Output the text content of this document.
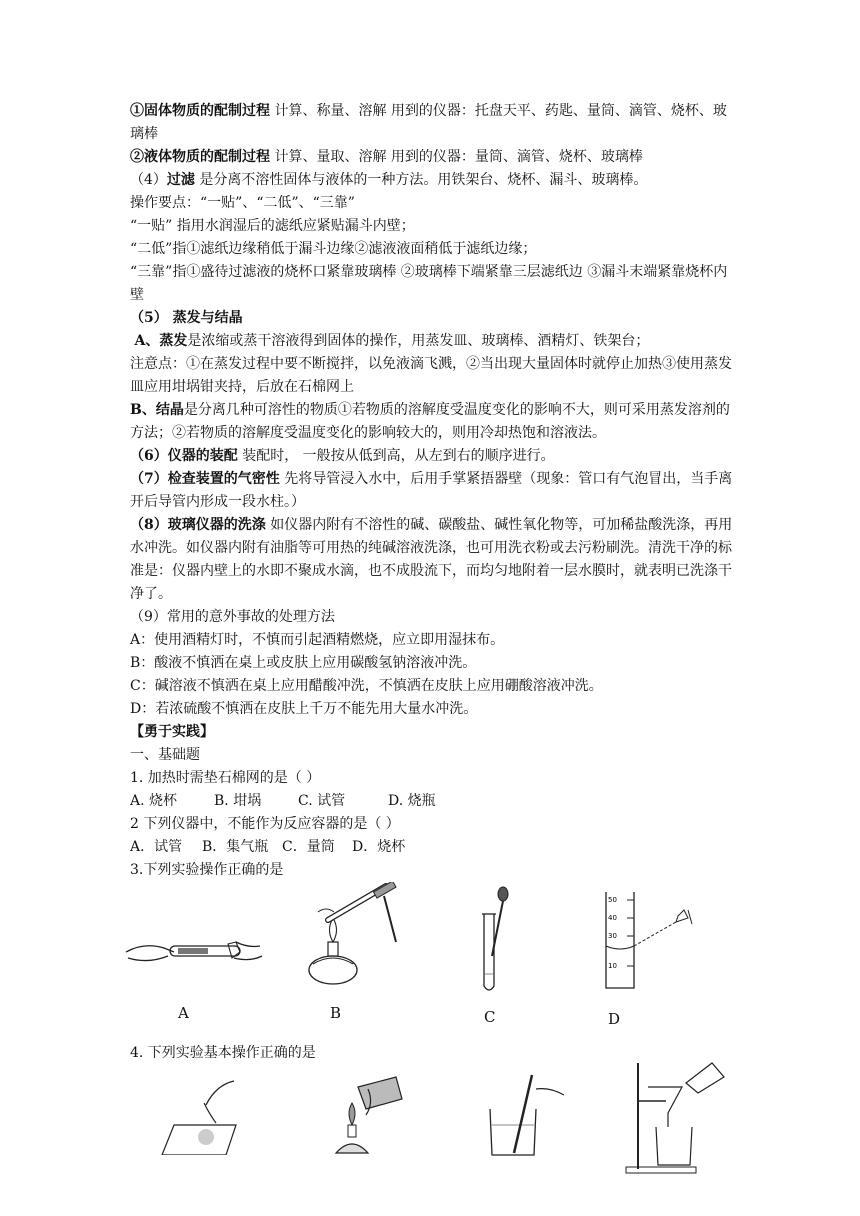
①固体物质的配制过程 计算、称量、溶解 用到的仪器：托盘天平、药匙、量筒、滴管、烧杯、玻璃棒

②液体物质的配制过程 计算、量取、溶解 用到的仪器：量筒、滴管、烧杯、玻璃棒

（4）过滤 是分离不溶性固体与液体的一种方法。用铁架台、烧杯、漏斗、玻璃棒。

操作要点：“一贴”、“二低”、“三靠”

“一贴” 指用水润湿后的滤纸应紧贴漏斗内壁；

“二低”指①滤纸边缘稍低于漏斗边缘②滤液液面稍低于滤纸边缘；

“三靠”指①盛待过滤液的烧杯口紧靠玻璃棒 ②玻璃棒下端紧靠三层滤纸边 ③漏斗末端紧靠烧杯内壁

（5） 蒸发与结晶

A、蒸发是浓缩或蒸干溶液得到固体的操作，用蒸发皿、玻璃棒、酒精灯、铁架台；

注意点：①在蒸发过程中要不断搅拌，以免液滴飞溅，②当出现大量固体时就停止加热③使用蒸发皿应用坩埚钳夹持，后放在石棉网上

B、结晶是分离几种可溶性的物质①若物质的溶解度受温度变化的影响不大，则可采用蒸发溶剂的方法；②若物质的溶解度受温度变化的影响较大的，则用冷却热饱和溶液法。

（6）仪器的装配 装配时， 一般按从低到高，从左到右的顺序进行。

（7）检查装置的气密性 先将导管浸入水中，后用手掌紧捂器壁（现象：管口有气泡冒出，当手离开后导管内形成一段水柱。）

（8）玻璃仪器的洗涤 如仪器内附有不溶性的碱、碳酸盐、碱性氧化物等，可加稀盐酸洗涤，再用水冲洗。如仪器内附有油脂等可用热的纯碱溶液洗涤，也可用洗衣粉或去污粉刷洗。清洗干净的标准是：仪器内壁上的水即不聚成水滴，也不成股流下，而均匀地附着一层水膜时，就表明已洗涤干净了。

（9）常用的意外事故的处理方法

A：使用酒精灯时，不慎而引起酒精燃烧，应立即用湿抹布。

B：酸液不慎洒在桌上或皮肤上应用碳酸氢钠溶液冲洗。

C：碱溶液不慎洒在桌上应用醋酸冲洗，不慎洒在皮肤上应用硼酸溶液冲洗。

D：若浓硫酸不慎洒在皮肤上千万不能先用大量水冲洗。

【勇于实践】

一、基础题

1. 加热时需垫石棉网的是（ ）

A. 烧杯	B. 坩埚	C. 试管	D. 烧瓶

2 下列仪器中，不能作为反应容器的是（ ）

A．试管 B．集气瓶 C．量筒 D．烧杯

3.下列实验操作正确的是

A	B	C
50
40
30
10
D

4. 下列实验基本操作正确的是
